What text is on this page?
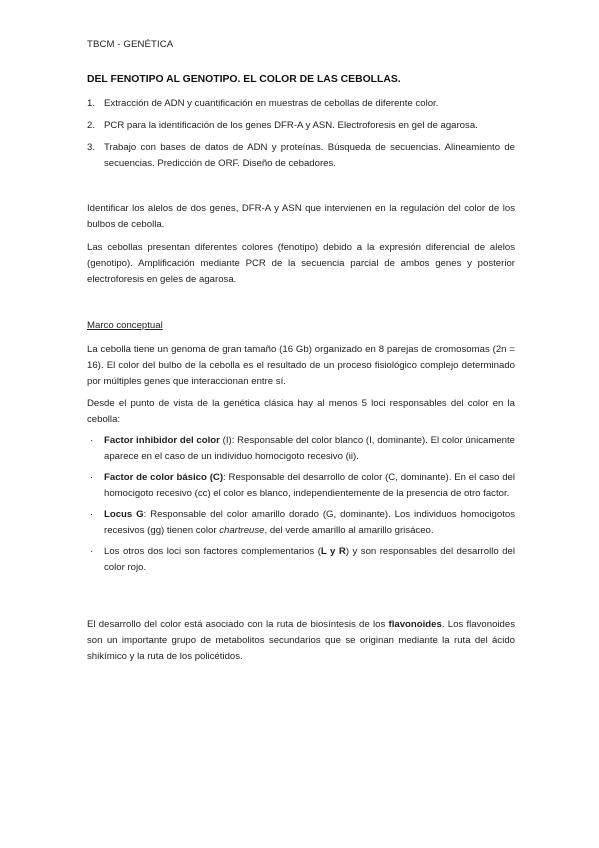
TBCM - GENÉTICA
DEL FENOTIPO AL GENOTIPO. EL COLOR DE LAS CEBOLLAS.
1. Extracción de ADN y cuantificación en muestras de cebollas de diferente color.
2. PCR para la identificación de los genes DFR-A y ASN. Electroforesis en gel de agarosa.
3. Trabajo con bases de datos de ADN y proteínas. Búsqueda de secuencias. Alineamiento de secuencias. Predicción de ORF. Diseño de cebadores.
Identificar los alelos de dos genes, DFR-A y ASN que intervienen en la regulación del color de los bulbos de cebolla.
Las cebollas presentan diferentes colores (fenotipo) debido a la expresión diferencial de alelos (genotipo). Amplificación mediante PCR de la secuencia parcial de ambos genes y posterior electroforesis en geles de agarosa.
Marco conceptual
La cebolla tiene un genoma de gran tamaño (16 Gb) organizado en 8 parejas de cromosomas (2n = 16). El color del bulbo de la cebolla es el resultado de un proceso fisiológico complejo determinado por múltiples genes que interaccionan entre sí.
Desde el punto de vista de la genética clásica hay al menos 5 loci responsables del color en la cebolla:
·	Factor inhibidor del color (I): Responsable del color blanco (I, dominante). El color únicamente aparece en el caso de un individuo homocigoto recesivo (ii).
·	Factor de color básico (C): Responsable del desarrollo de color (C, dominante). En el caso del homocigoto recesivo (cc) el color es blanco, independientemente de la presencia de otro factor.
·	Locus G: Responsable del color amarillo dorado (G, dominante). Los individuos homocigotos recesivos (gg) tienen color chartreuse, del verde amarillo al amarillo grisáceo.
·	Los otros dos loci son factores complementarios (L y R) y son responsables del desarrollo del color rojo.
El desarrollo del color está asociado con la ruta de biosíntesis de los flavonoides. Los flavonoides son un importante grupo de metabolitos secundarios que se originan mediante la ruta del ácido shikímico y la ruta de los policétidos.
